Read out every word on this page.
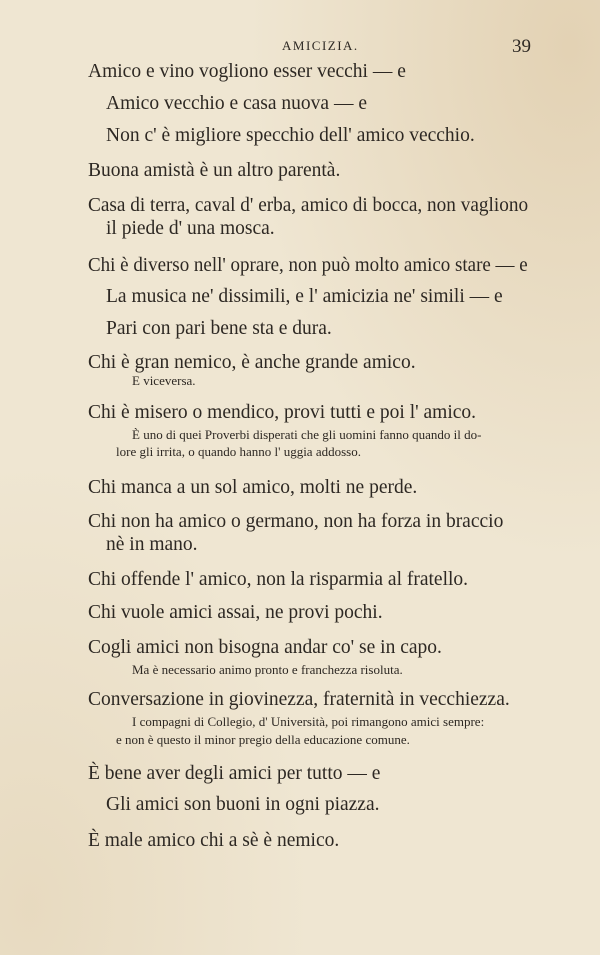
AMICIZIA.	39
Amico e vino vogliono esser vecchi — e
Amico vecchio e casa nuova — e
Non c' è migliore specchio dell' amico vecchio.
Buona amistà è un altro parentà.
Casa di terra, caval d' erba, amico di bocca, non vagliono
il piede d' una mosca.
Chi è diverso nell' oprare, non può molto amico stare — e
La musica ne' dissimili, e l' amicizia ne' simili — e
Pari con pari bene sta e dura.
Chi è gran nemico, è anche grande amico.
E viceversa.
Chi è misero o mendico, provi tutti e poi l' amico.
È uno di quei Proverbi disperati che gli uomini fanno quando il do-
lore gli irrita, o quando hanno l' uggia addosso.
Chi manca a un sol amico, molti ne perde.
Chi non ha amico o germano, non ha forza in braccio
nè in mano.
Chi offende l' amico, non la risparmia al fratello.
Chi vuole amici assai, ne provi pochi.
Cogli amici non bisogna andar co' se in capo.
Ma è necessario animo pronto e franchezza risoluta.
Conversazione in giovinezza, fraternità in vecchiezza.
I compagni di Collegio, d' Università, poi rimangono amici sempre:
e non è questo il minor pregio della educazione comune.
È bene aver degli amici per tutto — e
Gli amici son buoni in ogni piazza.
È male amico chi a sè è nemico.
